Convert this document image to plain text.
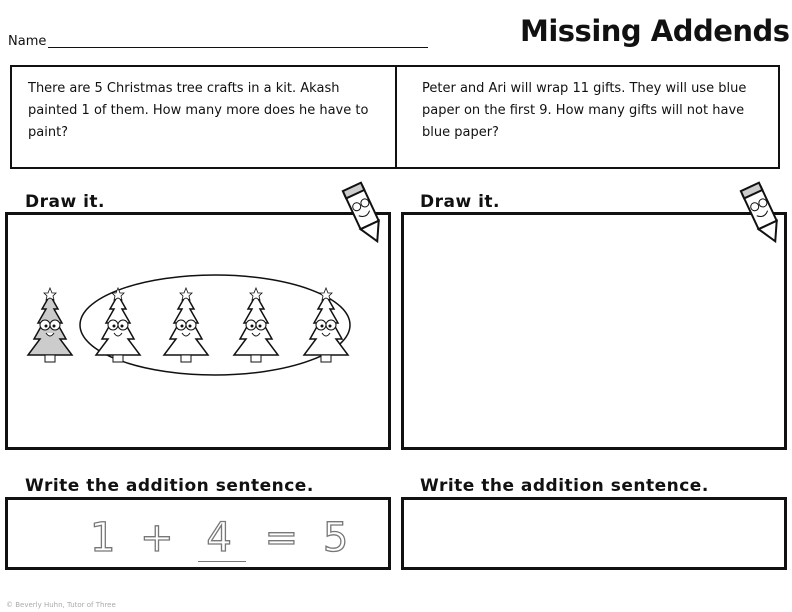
Name	Missing Addends
There are 5 Christmas tree crafts in a kit. Akash painted 1 of them. How many more does he have to paint?
Peter and Ari will wrap 11 gifts. They will use blue paper on the first 9. How many gifts will not have blue paper?
Draw it.	Draw it.
Write the addition sentence.	Write the addition sentence.
1 + 4 = 5
© Beverly Huhn, Tutor of Three
